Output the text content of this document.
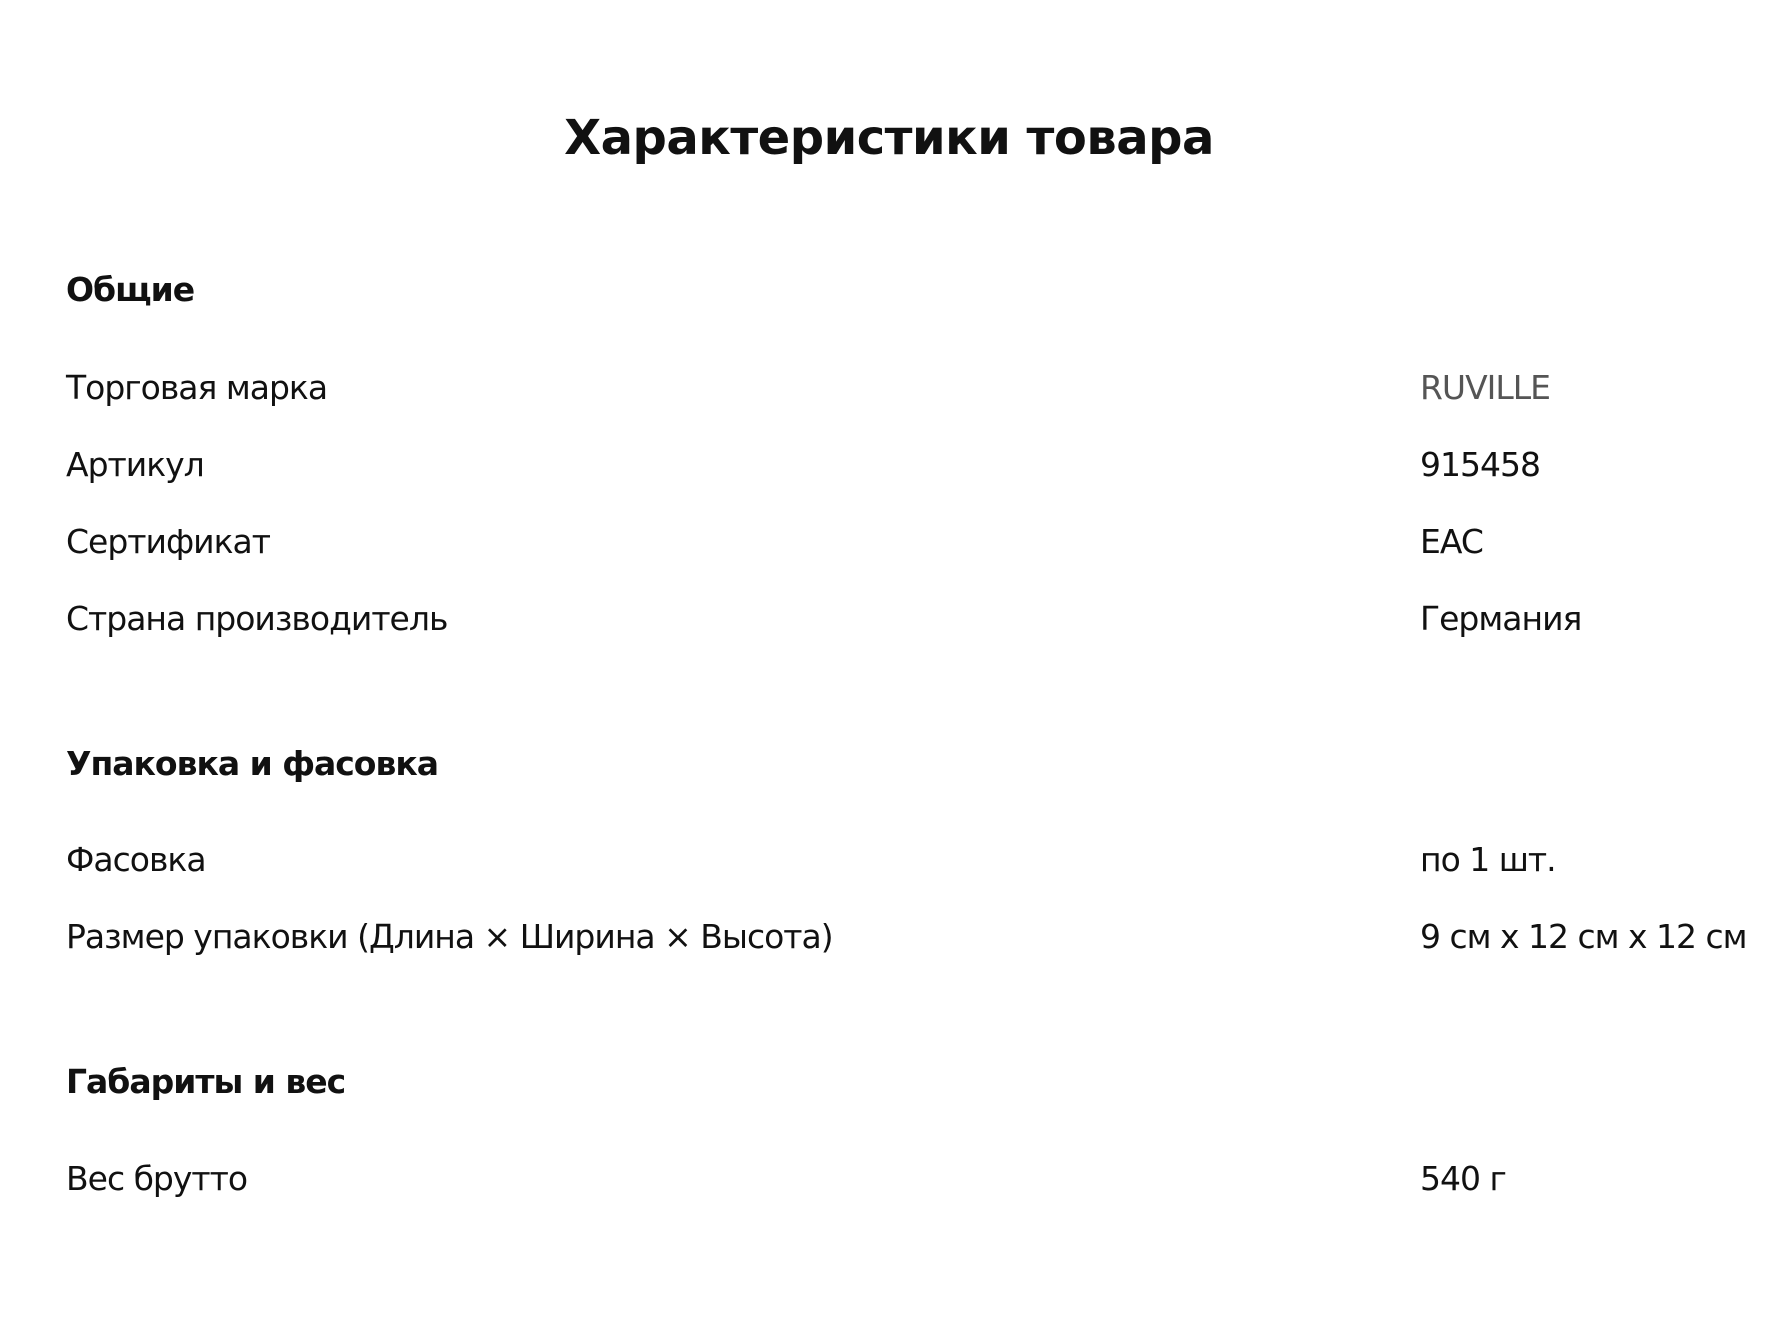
Характеристики товара
Общие
Торговая марка	RUVILLE
Артикул	915458
Сертификат	EAC
Страна производитель	Германия
Упаковка и фасовка
Фасовка	по 1 шт.
Размер упаковки (Длина × Ширина × Высота)	9 см x 12 см x 12 см
Габариты и вес
Вес брутто	540 г
